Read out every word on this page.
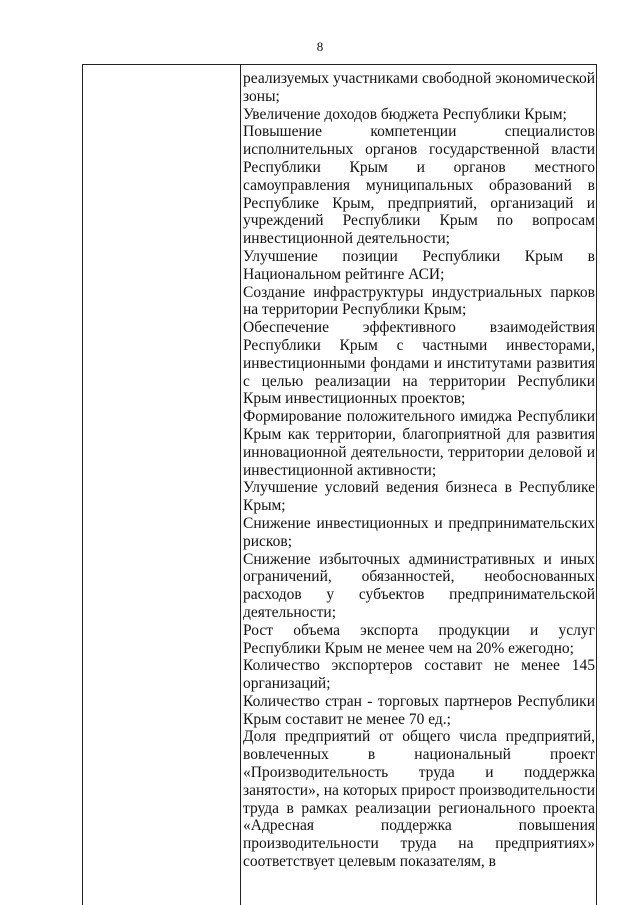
8

реализуемых участниками свободной экономической зоны;

Увеличение доходов бюджета Республики Крым;

Повышение компетенции специалистов исполнительных органов государственной власти Республики Крым и органов местного самоуправления муниципальных образований в Республике Крым, предприятий, организаций и учреждений Республики Крым по вопросам инвестиционной деятельности;

Улучшение позиции Республики Крым в Национальном рейтинге АСИ;

Создание инфраструктуры индустриальных парков на территории Республики Крым;

Обеспечение эффективного взаимодействия Республики Крым с частными инвесторами, инвестиционными фондами и институтами развития с целью реализации на территории Республики Крым инвестиционных проектов;

Формирование положительного имиджа Республики Крым как территории, благоприятной для развития инновационной деятельности, территории деловой и инвестиционной активности;

Улучшение условий ведения бизнеса в Республике Крым;

Снижение инвестиционных и предпринимательских рисков;

Снижение избыточных административных и иных ограничений, обязанностей, необоснованных расходов у субъектов предпринимательской деятельности;

Рост объема экспорта продукции и услуг Республики Крым не менее чем на 20% ежегодно;

Количество экспортеров составит не менее 145 организаций;

Количество стран - торговых партнеров Республики Крым составит не менее 70 ед.;

Доля предприятий от общего числа предприятий, вовлеченных в национальный проект «Производительность труда и поддержка занятости», на которых прирост производительности труда в рамках реализации регионального проекта «Адресная поддержка повышения производительности труда на предприятиях» соответствует целевым показателям, в
